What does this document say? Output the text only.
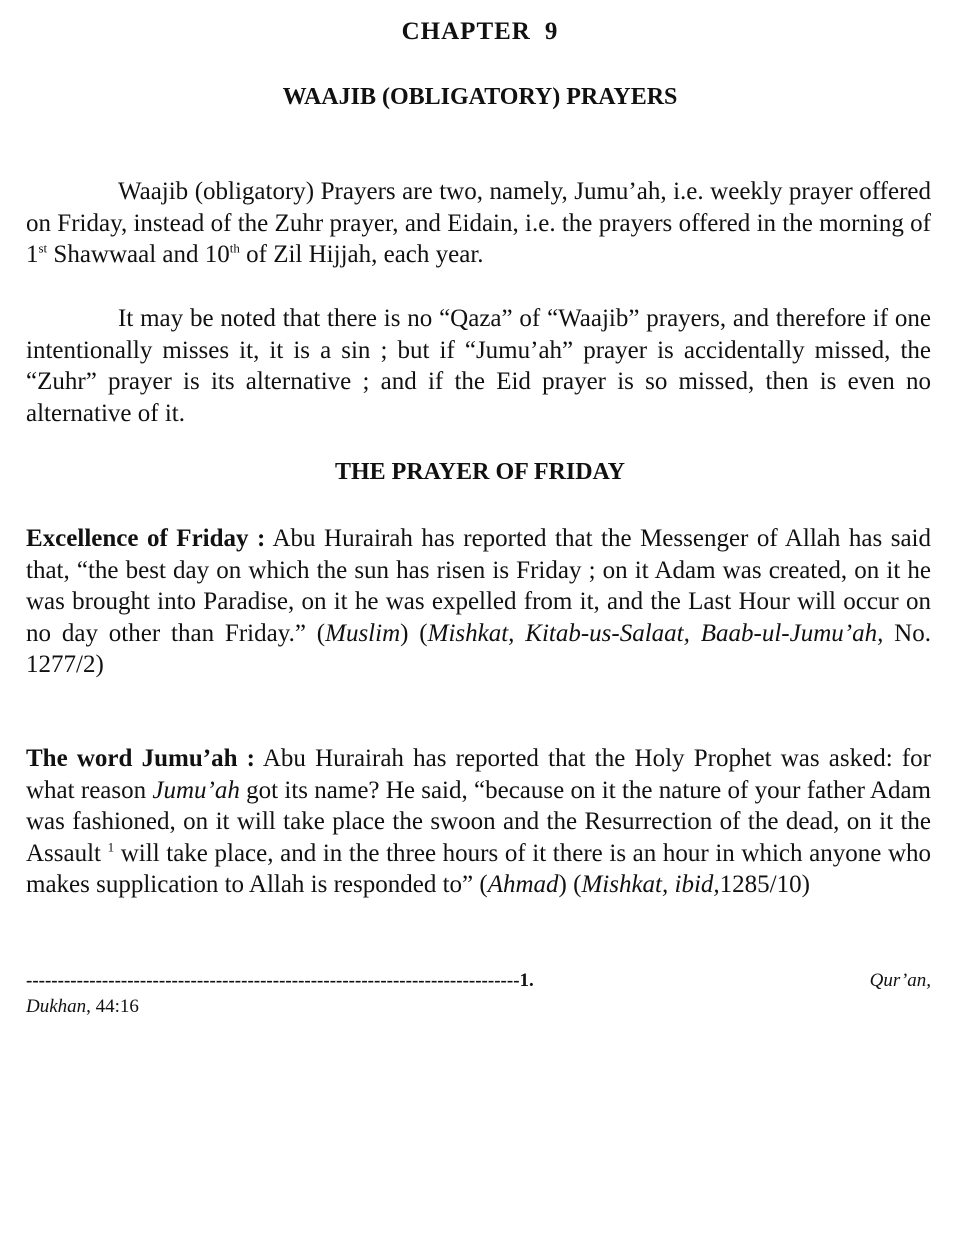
CHAPTER 9
WAAJIB (OBLIGATORY) PRAYERS

Waajib (obligatory) Prayers are two, namely, Jumu’ah, i.e. weekly prayer offered on Friday, instead of the Zuhr prayer, and Eidain, i.e. the prayers offered in the morning of 1st Shawwaal and 10th of Zil Hijjah, each year.

It may be noted that there is no “Qaza” of “Waajib” prayers, and therefore if one intentionally misses it, it is a sin ; but if “Jumu’ah” prayer is accidentally missed, the “Zuhr” prayer is its alternative ; and if the Eid prayer is so missed, then is even no alternative of it.

THE PRAYER OF FRIDAY

Excellence of Friday : Abu Hurairah has reported that the Messenger of Allah has said that, “the best day on which the sun has risen is Friday ; on it Adam was created, on it he was brought into Paradise, on it he was expelled from it, and the Last Hour will occur on no day other than Friday.” (Muslim) (Mishkat, Kitab-us-Salaat, Baab-ul-Jumu’ah, No. 1277/2)

The word Jumu’ah : Abu Hurairah has reported that the Holy Prophet was asked: for what reason Jumu’ah got its name? He said, “because on it the nature of your father Adam was fashioned, on it will take place the swoon and the Resurrection of the dead, on it the Assault $^1$ will take place, and in the three hours of it there is an hour in which anyone who makes supplication to Allah is responded to” (Ahmad) (Mishkat, ibid,1285/10)

------------------------------------------------------------------------------1.	Qur’an,
Dukhan, 44:16
